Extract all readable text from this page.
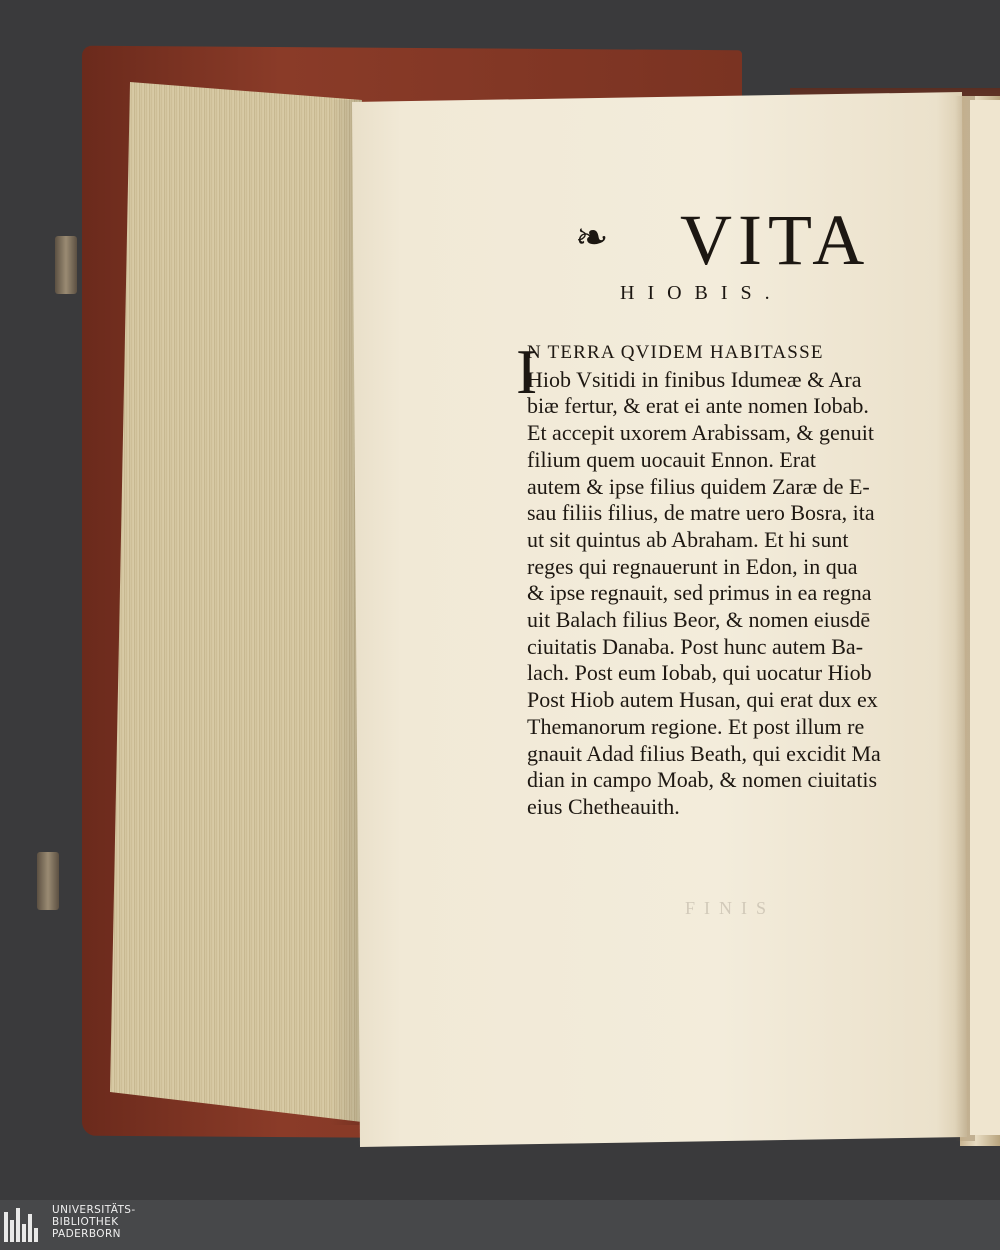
❧ VITA
HIOBIS.
I
N TERRA QVIDEM HABITASSE
Hiob Vsitidi in finibus Idumeæ & Ara
biæ fertur, & erat ei ante nomen Iobab.
Et accepit uxorem Arabissam, & genuit
filium quem uocauit Ennon. Erat
autem & ipse filius quidem Zaræ de E-
sau filiis filius, de matre uero Bosra, ita
ut sit quintus ab Abraham. Et hi sunt
reges qui regnauerunt in Edon, in qua
& ipse regnauit, sed primus in ea regna
uit Balach filius Beor, & nomen eiusdē
ciuitatis Danaba. Post hunc autem Ba-
lach. Post eum Iobab, qui uocatur Hiob
Post Hiob autem Husan, qui erat dux ex
Themanorum regione. Et post illum re
gnauit Adad filius Beath, qui excidit Ma
dian in campo Moab, & nomen ciuitatis
eius Chetheauith.
FINIS
UNIVERSITÄTS-
BIBLIOTHEK
PADERBORN
